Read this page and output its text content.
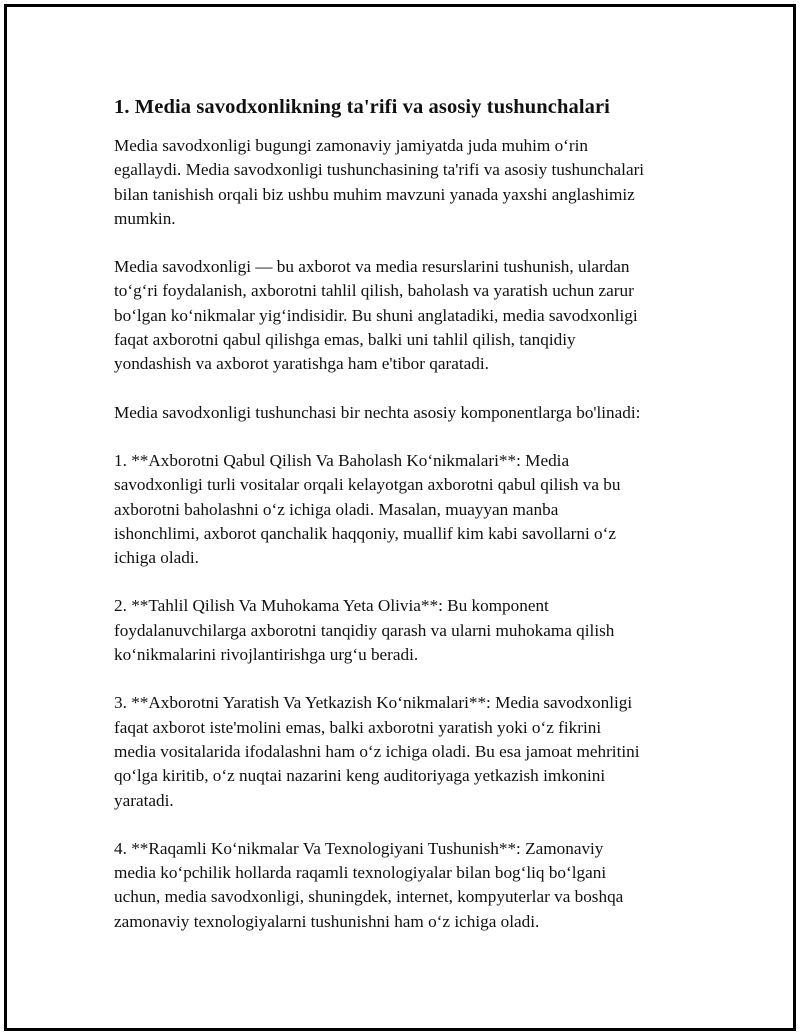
1. Media savodxonlikning ta'rifi va asosiy tushunchalari

Media savodxonligi bugungi zamonaviy jamiyatda juda muhim o‘rin
egallaydi. Media savodxonligi tushunchasining ta'rifi va asosiy tushunchalari
bilan tanishish orqali biz ushbu muhim mavzuni yanada yaxshi anglashimiz
mumkin.

Media savodxonligi — bu axborot va media resurslarini tushunish, ulardan
to‘g‘ri foydalanish, axborotni tahlil qilish, baholash va yaratish uchun zarur
bo‘lgan ko‘nikmalar yig‘indisidir. Bu shuni anglatadiki, media savodxonligi
faqat axborotni qabul qilishga emas, balki uni tahlil qilish, tanqidiy
yondashish va axborot yaratishga ham e'tibor qaratadi.

Media savodxonligi tushunchasi bir nechta asosiy komponentlarga bo'linadi:

1. **Axborotni Qabul Qilish Va Baholash Ko‘nikmalari**: Media
savodxonligi turli vositalar orqali kelayotgan axborotni qabul qilish va bu
axborotni baholashni o‘z ichiga oladi. Masalan, muayyan manba
ishonchlimi, axborot qanchalik haqqoniy, muallif kim kabi savollarni o‘z
ichiga oladi.

2. **Tahlil Qilish Va Muhokama Yeta Olivia**: Bu komponent
foydalanuvchilarga axborotni tanqidiy qarash va ularni muhokama qilish
ko‘nikmalarini rivojlantirishga urg‘u beradi.

3. **Axborotni Yaratish Va Yetkazish Ko‘nikmalari**: Media savodxonligi
faqat axborot iste'molini emas, balki axborotni yaratish yoki o‘z fikrini
media vositalarida ifodalashni ham o‘z ichiga oladi. Bu esa jamoat mehritini
qo‘lga kiritib, o‘z nuqtai nazarini keng auditoriyaga yetkazish imkonini
yaratadi.

4. **Raqamli Ko‘nikmalar Va Texnologiyani Tushunish**: Zamonaviy
media ko‘pchilik hollarda raqamli texnologiyalar bilan bog‘liq bo‘lgani
uchun, media savodxonligi, shuningdek, internet, kompyuterlar va boshqa
zamonaviy texnologiyalarni tushunishni ham o‘z ichiga oladi.
